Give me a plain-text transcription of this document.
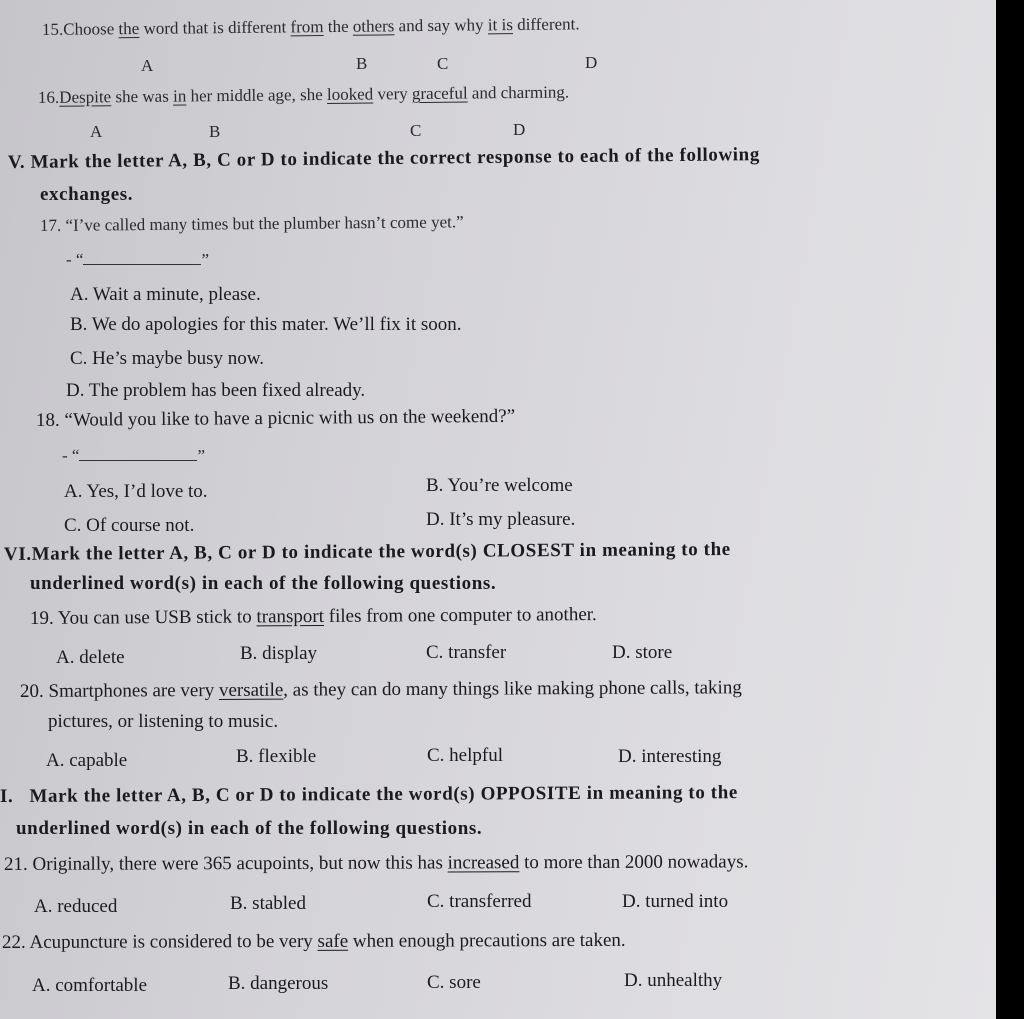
15.Choose the word that is different from the others and say why it is different.
A	B	C	D
16.Despite she was in her middle age, she looked very graceful and charming.
A	B	C	D
V. Mark the letter A, B, C or D to indicate the correct response to each of the following
exchanges.
17. “I’ve called many times but the plumber hasn’t come yet.”
- “	”
A. Wait a minute, please.
B. We do apologies for this mater. We’ll fix it soon.
C. He’s maybe busy now.
D. The problem has been fixed already.
18. “Would you like to have a picnic with us on the weekend?”
- “	”
A. Yes, I’d love to.	B. You’re welcome
C. Of course not.	D. It’s my pleasure.
VI.Mark the letter A, B, C or D to indicate the word(s) CLOSEST in meaning to the
underlined word(s) in each of the following questions.
19. You can use USB stick to transport files from one computer to another.
A. delete	B. display	C. transfer	D. store
20. Smartphones are very versatile, as they can do many things like making phone calls, taking
pictures, or listening to music.
A. capable	B. flexible	C. helpful	D. interesting
I. Mark the letter A, B, C or D to indicate the word(s) OPPOSITE in meaning to the
underlined word(s) in each of the following questions.
21. Originally, there were 365 acupoints, but now this has increased to more than 2000 nowadays.
A. reduced	B. stabled	C. transferred	D. turned into
22. Acupuncture is considered to be very safe when enough precautions are taken.
A. comfortable	B. dangerous	C. sore	D. unhealthy
